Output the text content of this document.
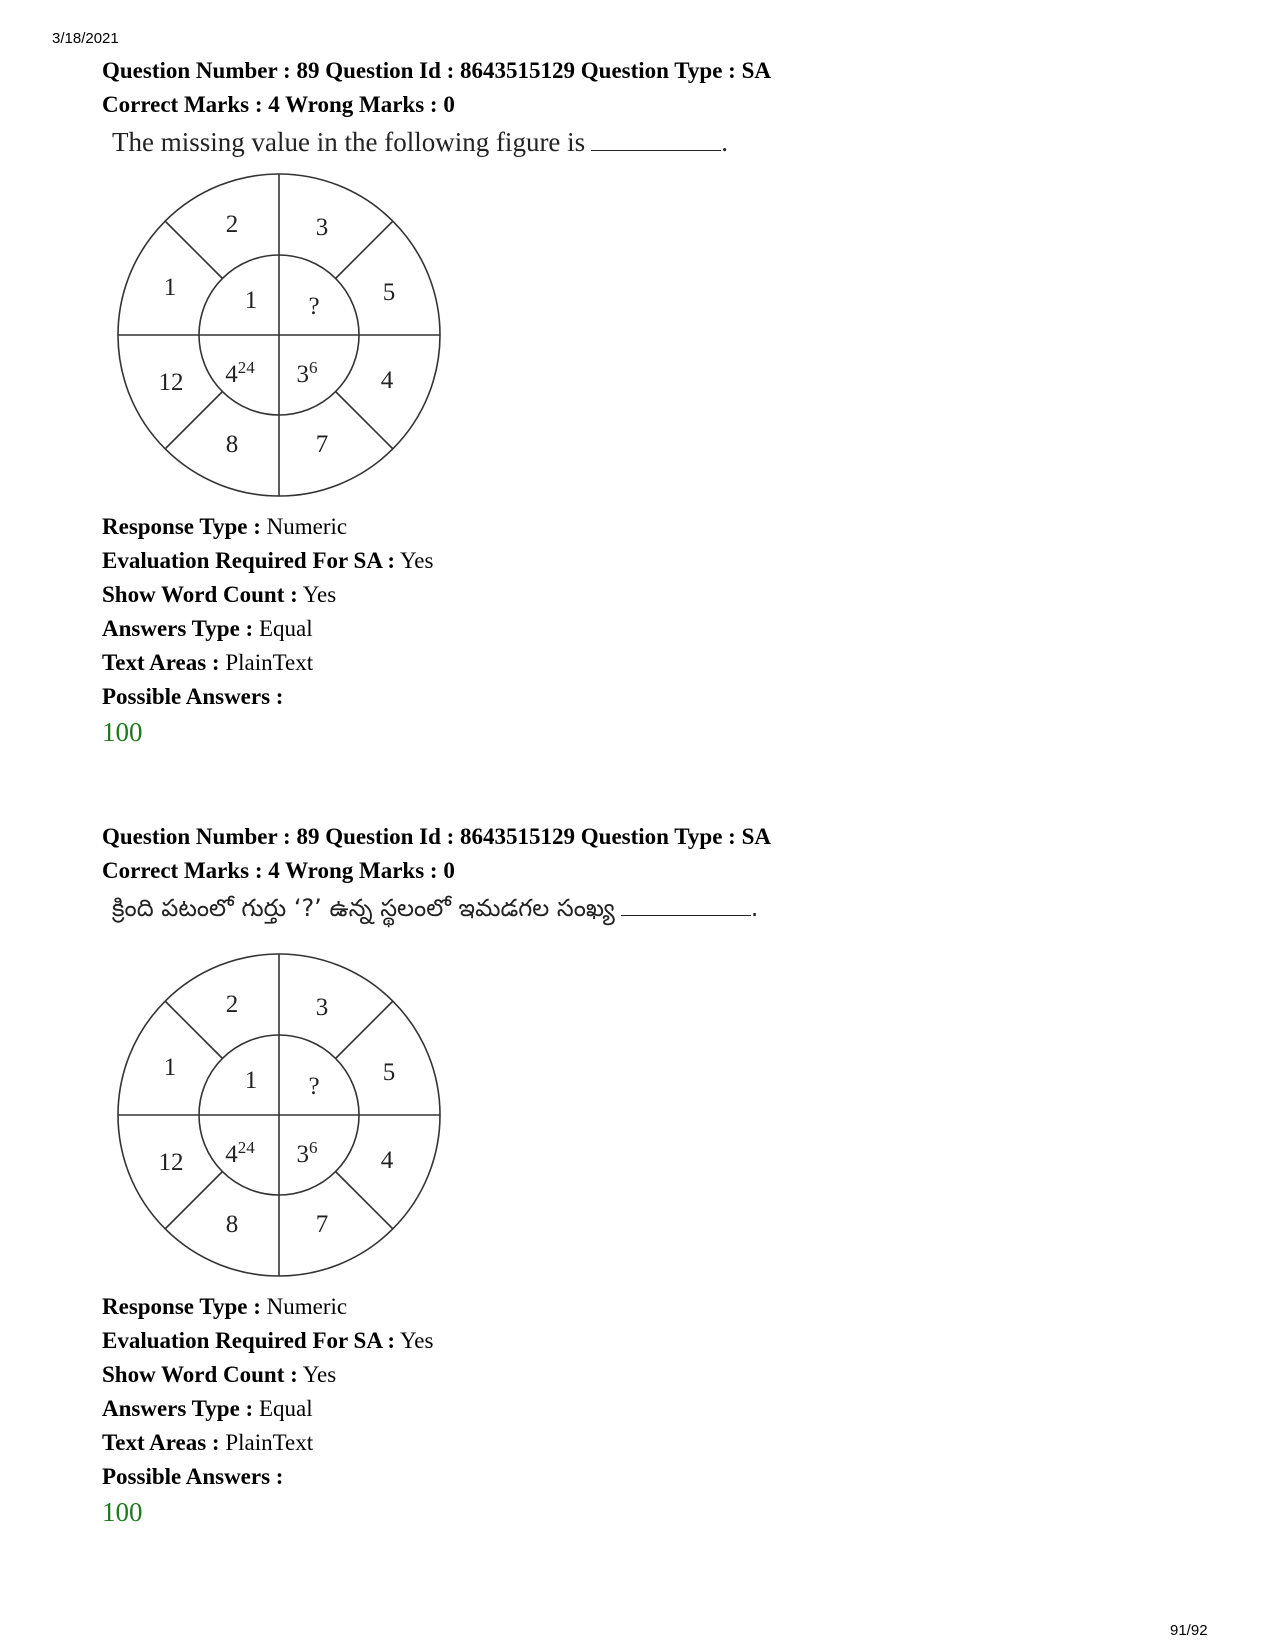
3/18/2021
Question Number : 89 Question Id : 8643515129 Question Type : SA
Correct Marks : 4 Wrong Marks : 0
The missing value in the following figure is	.
2	3
5
4
7
8
12
1	1 ?
$4^{24}$ $3^6$
Response Type : Numeric
Evaluation Required For SA : Yes
Show Word Count : Yes
Answers Type : Equal
Text Areas : PlainText
Possible Answers :
100
Question Number : 89 Question Id : 8643515129 Question Type : SA
Correct Marks : 4 Wrong Marks : 0
క్రింది పటంలో గుర్తు ‘?’ ఉన్న స్థలంలో ఇమడగల సంఖ్య	.
2	3
5
4
7
8
12
1	1 ?
$4^{24}$ $3^6$
Response Type : Numeric
Evaluation Required For SA : Yes
Show Word Count : Yes
Answers Type : Equal
Text Areas : PlainText
Possible Answers :
100
91/92
